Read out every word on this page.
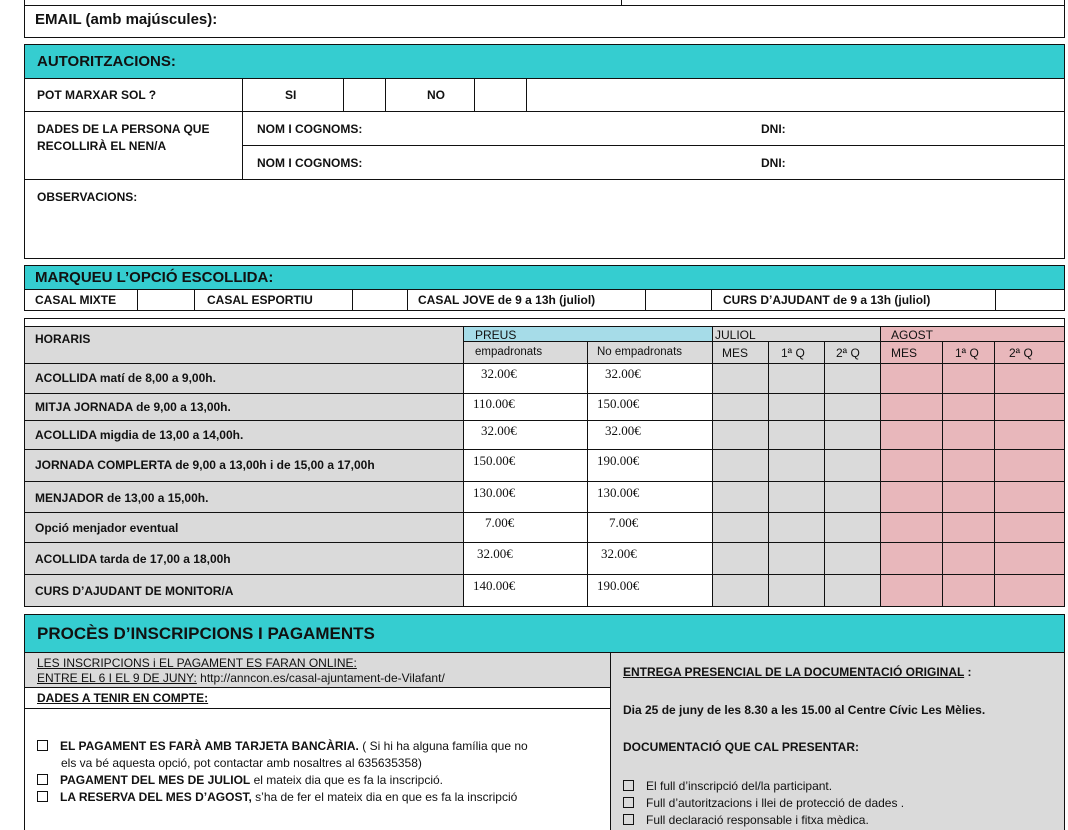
EMAIL (amb majúscules):
AUTORITZACIONS:
POT MARXAR SOL ?	SI	NO
DADES DE LA PERSONA QUE
RECOLLIRÀ EL NEN/A
NOM I COGNOMS:	DNI:
NOM I COGNOMS:	DNI:
OBSERVACIONS:
MARQUEU L’OPCIÓ ESCOLLIDA:
CASAL MIXTE	CASAL ESPORTIU	CASAL JOVE de 9 a 13h (juliol)	CURS D’AJUDANT de 9 a 13h (juliol)
HORARIS	PREUS	JULIOL	AGOST
empadronats	No empadronats	MES	1ª Q	2ª Q	MES	1ª Q	2ª Q
ACOLLIDA matí de 8,00 a 9,00h.	32.00€	32.00€
MITJA JORNADA de 9,00 a 13,00h.	110.00€	150.00€
ACOLLIDA migdia de 13,00 a 14,00h.	32.00€	32.00€
JORNADA COMPLERTA de 9,00 a 13,00h i de 15,00 a 17,00h	150.00€	190.00€
MENJADOR de 13,00 a 15,00h.	130.00€	130.00€
Opció menjador eventual	7.00€	7.00€
ACOLLIDA tarda de 17,00 a 18,00h	32.00€	32.00€
CURS D’AJUDANT DE MONITOR/A	140.00€	190.00€
PROCÈS D’INSCRIPCIONS I PAGAMENTS
LES INSCRIPCIONS i EL PAGAMENT ES FARAN ONLINE:
ENTRE EL 6 I EL 9 DE JUNY: http://anncon.es/casal-ajuntament-de-Vilafant/
DADES A TENIR EN COMPTE:
EL PAGAMENT ES FARÀ AMB TARJETA BANCÀRIA. ( Si hi ha alguna família que no
els va bé aquesta opció, pot contactar amb nosaltres al 635635358)
PAGAMENT DEL MES DE JULIOL el mateix dia que es fa la inscripció.
LA RESERVA DEL MES D’AGOST, s’ha de fer el mateix dia en que es fa la inscripció
ENTREGA PRESENCIAL DE LA DOCUMENTACIÓ ORIGINAL :
Dia 25 de juny de les 8.30 a les 15.00 al Centre Cívic Les Mèlies.
DOCUMENTACIÓ QUE CAL PRESENTAR:
El full d’inscripció del/la participant.
Full d’autoritzacions i llei de protecció de dades .
Full declaració responsable i fitxa mèdica.
